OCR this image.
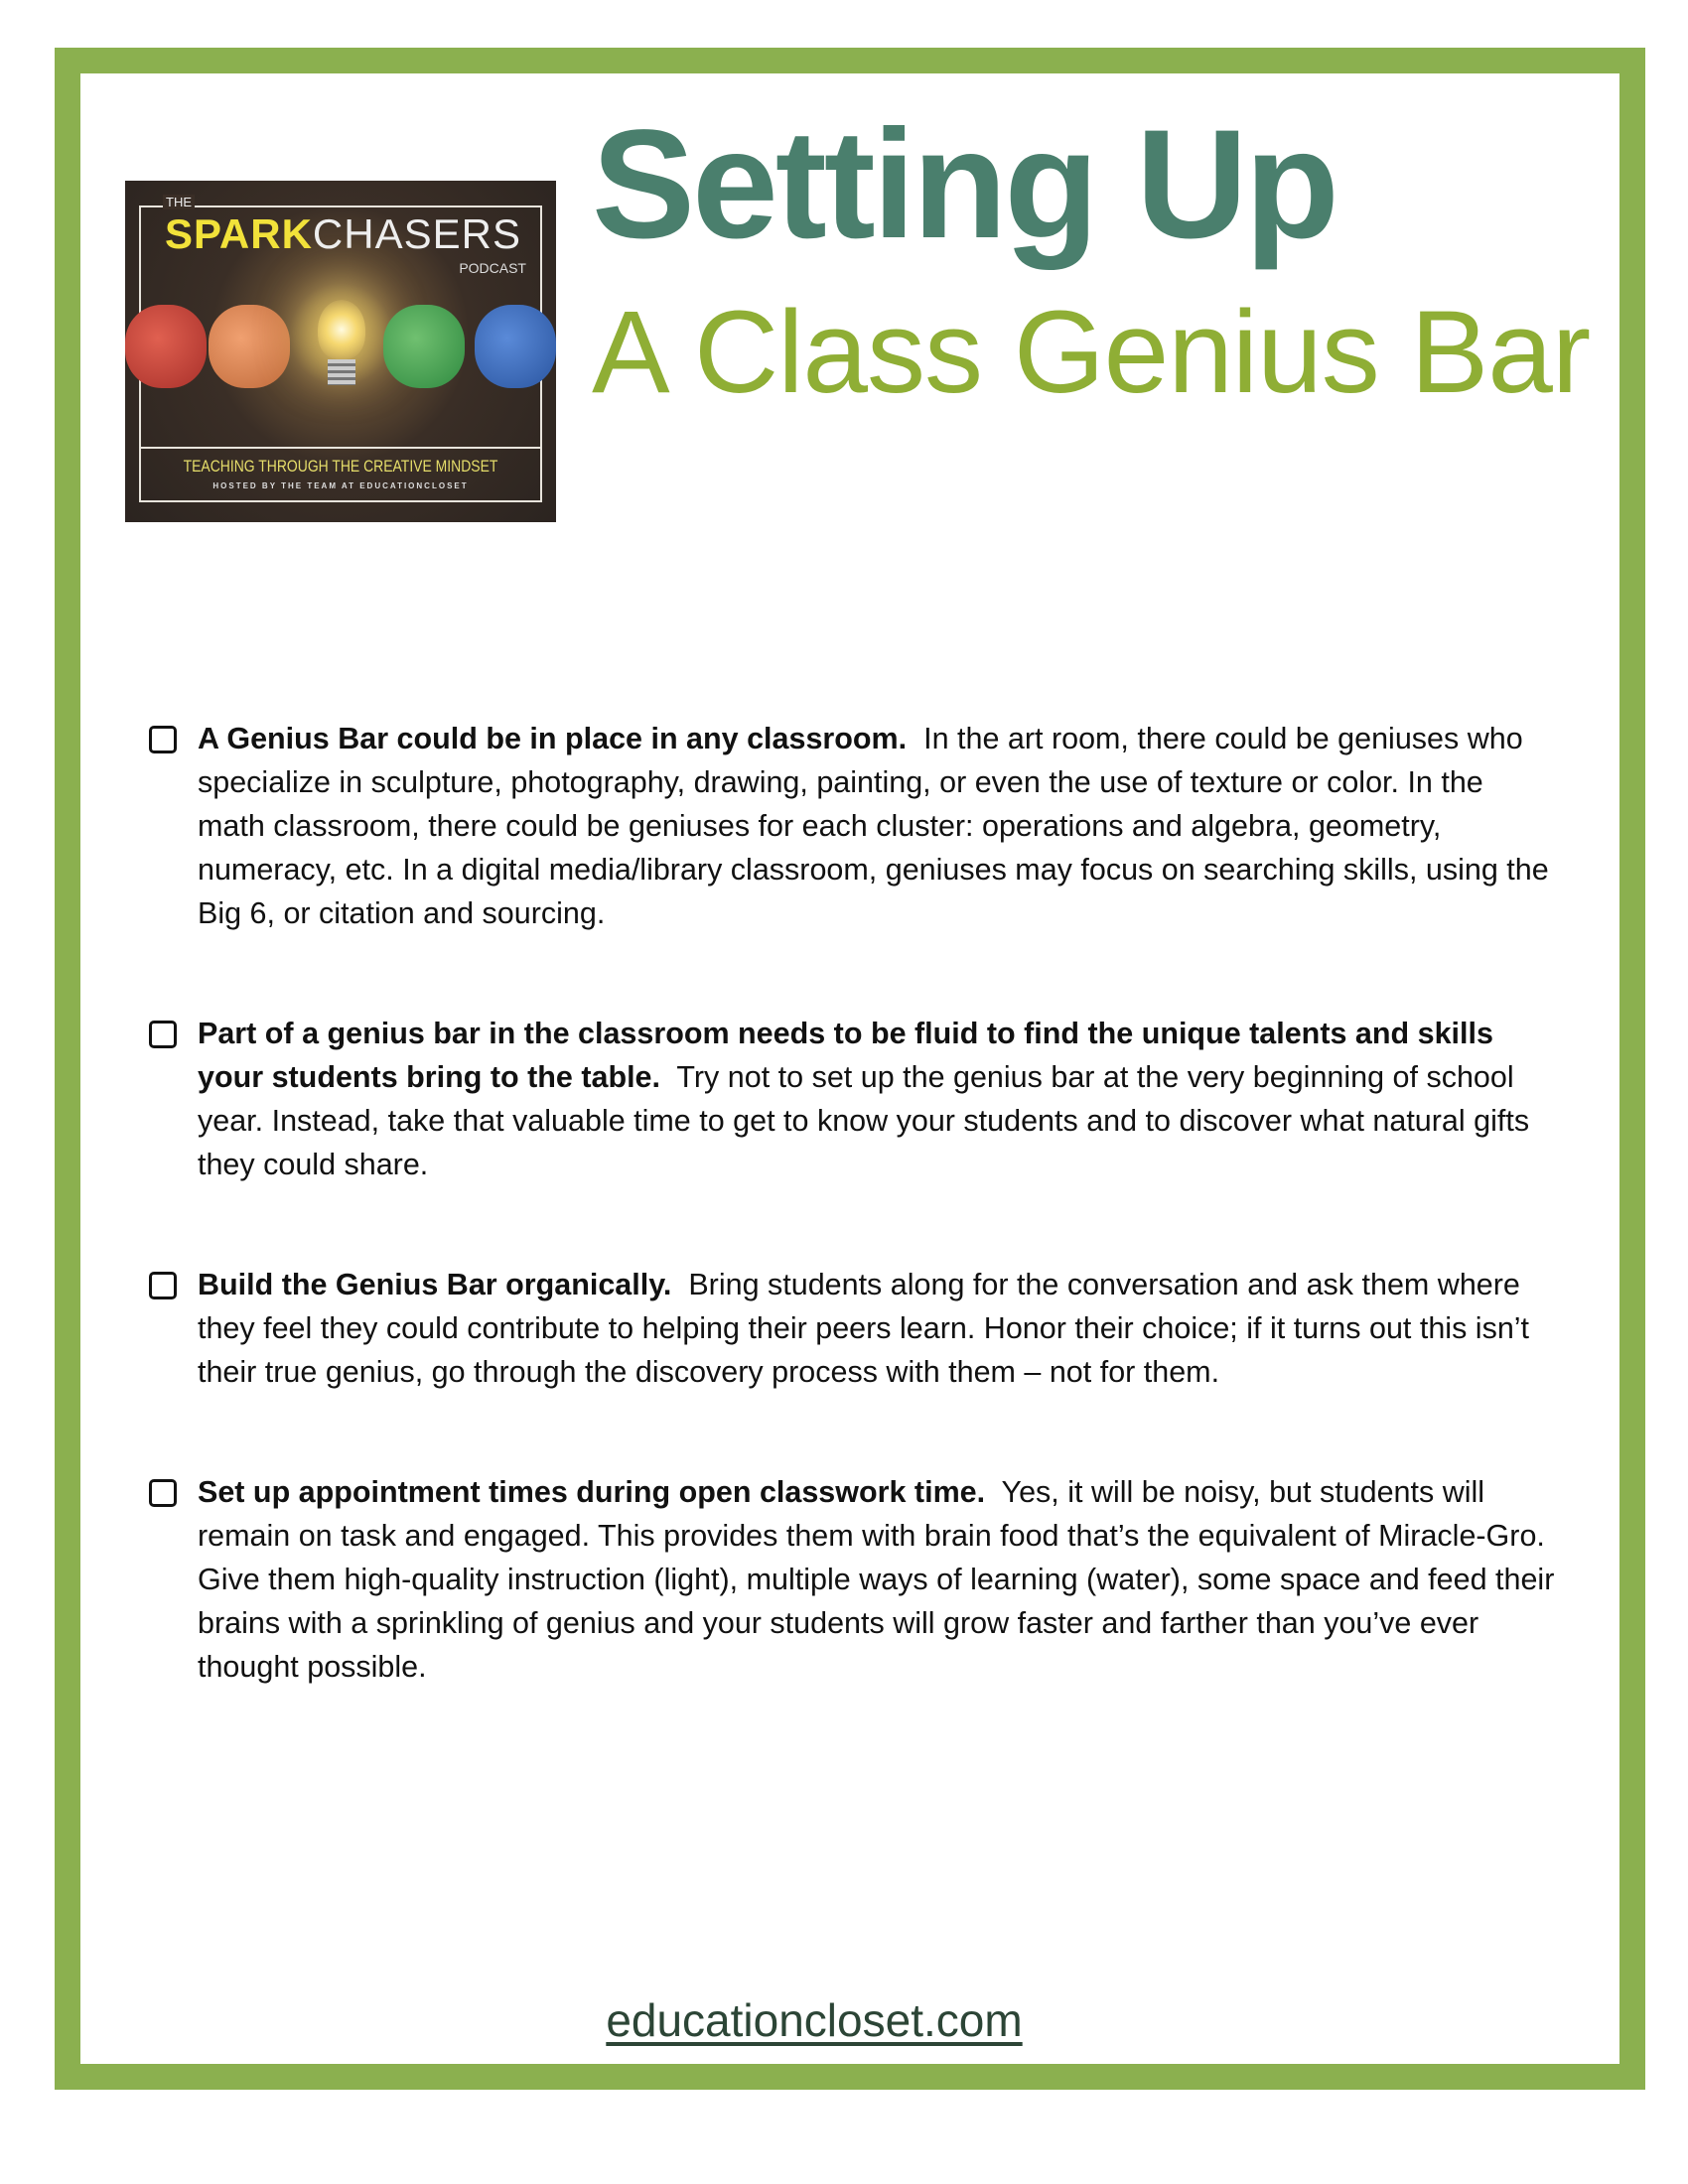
THE
SPARKCHASERS
PODCAST
TEACHING THROUGH THE CREATIVE MINDSET
HOSTED BY THE TEAM AT EDUCATIONCLOSET
Setting Up
A Class Genius Bar
A Genius Bar could be in place in any classroom. In the art room, there could be geniuses who specialize in sculpture, photography, drawing, painting, or even the use of texture or color. In the math classroom, there could be geniuses for each cluster: operations and algebra, geometry, numeracy, etc. In a digital media/library classroom, geniuses may focus on searching skills, using the Big 6, or citation and sourcing.
Part of a genius bar in the classroom needs to be fluid to find the unique talents and skills your students bring to the table. Try not to set up the genius bar at the very beginning of school year. Instead, take that valuable time to get to know your students and to discover what natural gifts they could share.
Build the Genius Bar organically. Bring students along for the conversation and ask them where they feel they could contribute to helping their peers learn. Honor their choice; if it turns out this isn’t their true genius, go through the discovery process with them – not for them.
Set up appointment times during open classwork time. Yes, it will be noisy, but students will remain on task and engaged. This provides them with brain food that’s the equivalent of Miracle-Gro. Give them high-quality instruction (light), multiple ways of learning (water), some space and feed their brains with a sprinkling of genius and your students will grow faster and farther than you’ve ever thought possible.
educationcloset.com
